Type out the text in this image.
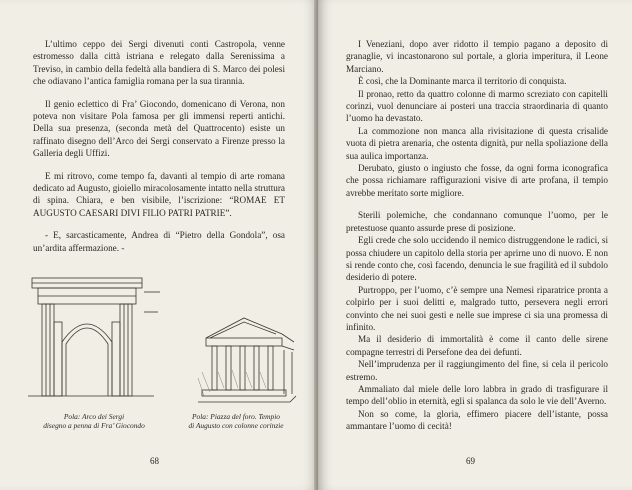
L’ultimo ceppo dei Sergi divenuti conti Castropola, venne estromesso dalla città istriana e relegato dalla Serenissima a Treviso, in cambio della fedeltà alla bandiera di S. Marco dei polesi che odiavano l’antica famiglia romana per la sua tirannia.

Il genio eclettico di Fra’ Giocondo, domenicano di Verona, non poteva non visitare Pola famosa per gli immensi reperti antichi. Della sua presenza, (seconda metà del Quattrocento) esiste un raffinato disegno dell’Arco dei Sergi conservato a Firenze presso la Galleria degli Uffizi.

E mi ritrovo, come tempo fa, davanti al tempio di arte romana dedicato ad Augusto, gioiello miracolosamente intatto nella struttura di spina. Chiara, e ben visibile, l’iscrizione: “ROMAE ET AUGUSTO CAESARI DIVI FILIO PATRI PATRIE”.

- E, sarcasticamente, Andrea di “Pietro della Gondola”, osa un’ardita affermazione. -

Pola: Arco dei Sergi
disegno a penna di Fra’ Giocondo
Pola: Piazza del foro. Tempio
di Augusto con colonne corinzie
68

I Veneziani, dopo aver ridotto il tempio pagano a deposito di granaglie, vi incastonarono sul portale, a gloria imperitura, il Leone Marciano.

È così, che la Dominante marca il territorio di conquista.

Il pronao, retto da quattro colonne di marmo screziato con capitelli corinzi, vuol denunciare ai posteri una traccia straordinaria di quanto l’uomo ha devastato.

La commozione non manca alla rivisitazione di questa crisalide vuota di pietra arenaria, che ostenta dignità, pur nella spoliazione della sua aulica importanza.

Derubato, giusto o ingiusto che fosse, da ogni forma iconografica che possa richiamare raffigurazioni visive di arte profana, il tempio avrebbe meritato sorte migliore.

Sterili polemiche, che condannano comunque l’uomo, per le pretestuose quanto assurde prese di posizione.

Egli crede che solo uccidendo il nemico distruggendone le radici, si possa chiudere un capitolo della storia per aprirne uno di nuovo. E non si rende conto che, così facendo, denuncia le sue fragilità ed il subdolo desiderio di potere.

Purtroppo, per l’uomo, c’è sempre una Nemesi riparatrice pronta a colpirlo per i suoi delitti e, malgrado tutto, persevera negli errori convinto che nei suoi gesti e nelle sue imprese ci sia una promessa di infinito.

Ma il desiderio di immortalità è come il canto delle sirene compagne terrestri di Persefone dea dei defunti.

Nell’imprudenza per il raggiungimento del fine, si cela il pericolo estremo.

Ammaliato dal miele delle loro labbra in grado di trasfigurare il tempo dell’oblio in eternità, egli si spalanca da solo le vie dell’Averno.

Non so come, la gloria, effimero piacere dell’istante, possa ammantare l’uomo di cecità!

69
